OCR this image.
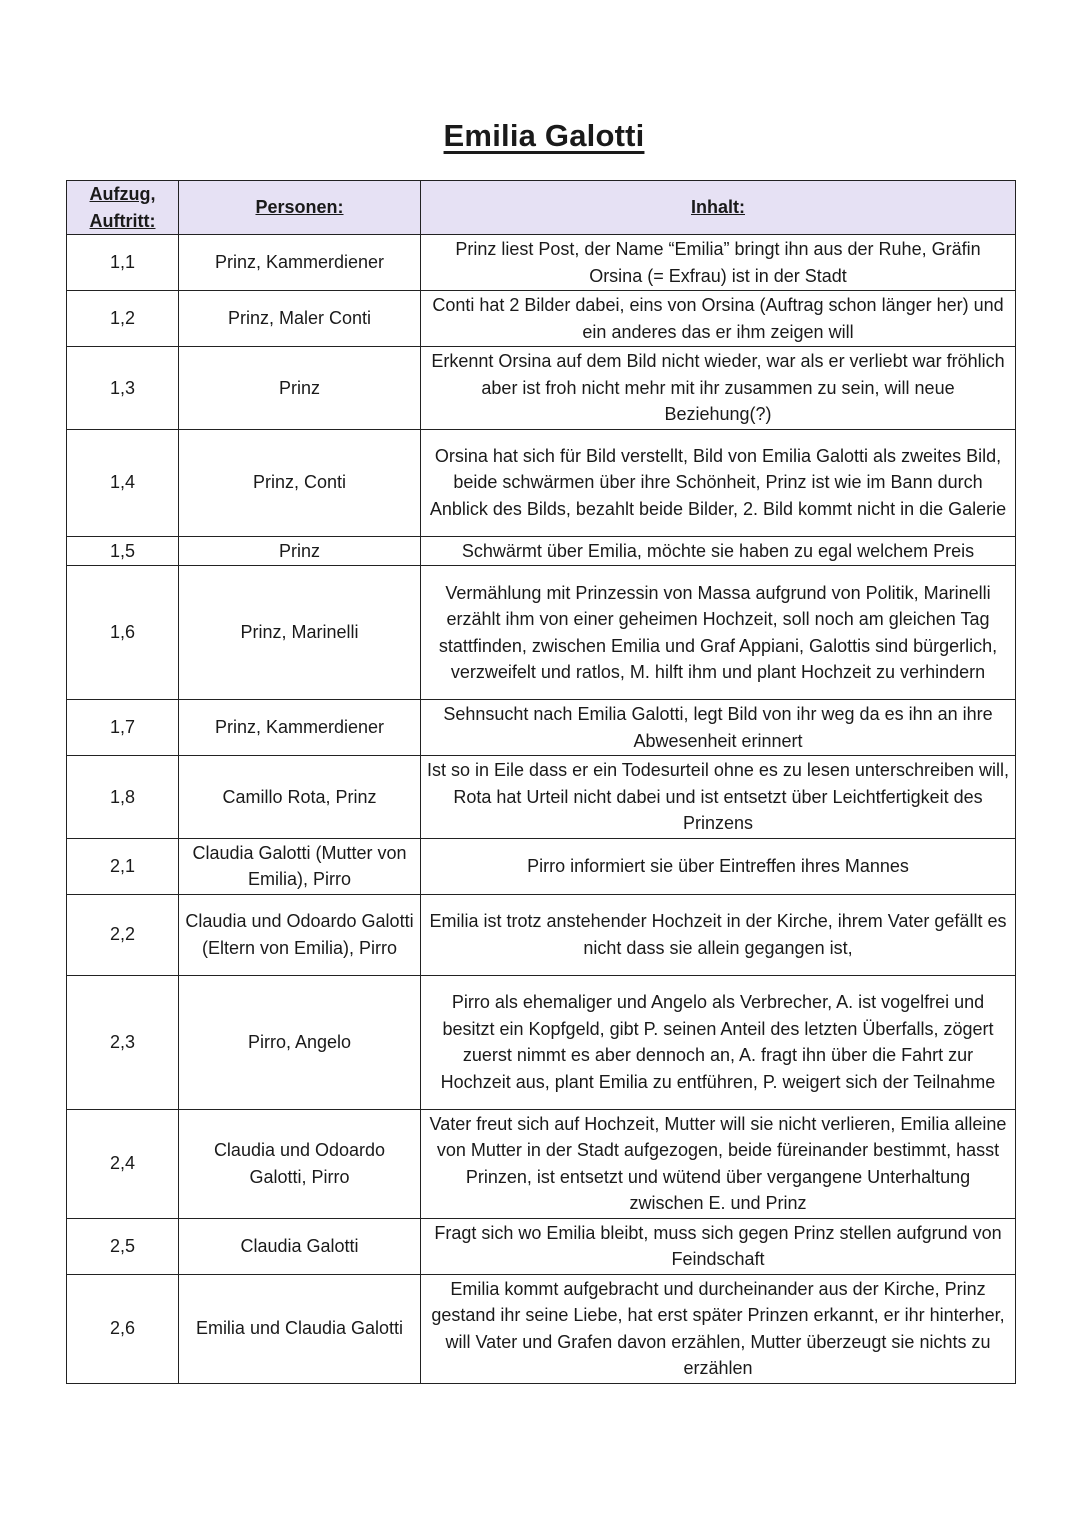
Emilia Galotti
Aufzug, Auftritt:	Personen:	Inhalt:
1,1	Prinz, Kammerdiener	Prinz liest Post, der Name “Emilia” bringt ihn aus der Ruhe, Gräfin Orsina (= Exfrau) ist in der Stadt
1,2	Prinz, Maler Conti	Conti hat 2 Bilder dabei, eins von Orsina (Auftrag schon länger her) und ein anderes das er ihm zeigen will
1,3	Prinz	Erkennt Orsina auf dem Bild nicht wieder, war als er verliebt war fröhlich aber ist froh nicht mehr mit ihr zusammen zu sein, will neue Beziehung(?)
1,4	Prinz, Conti	Orsina hat sich für Bild verstellt, Bild von Emilia Galotti als zweites Bild, beide schwärmen über ihre Schönheit, Prinz ist wie im Bann durch Anblick des Bilds, bezahlt beide Bilder, 2. Bild kommt nicht in die Galerie
1,5	Prinz	Schwärmt über Emilia, möchte sie haben zu egal welchem Preis
1,6	Prinz, Marinelli	Vermählung mit Prinzessin von Massa aufgrund von Politik, Marinelli erzählt ihm von einer geheimen Hochzeit, soll noch am gleichen Tag stattfinden, zwischen Emilia und Graf Appiani, Galottis sind bürgerlich, verzweifelt und ratlos, M. hilft ihm und plant Hochzeit zu verhindern
1,7	Prinz, Kammerdiener	Sehnsucht nach Emilia Galotti, legt Bild von ihr weg da es ihn an ihre Abwesenheit erinnert
1,8	Camillo Rota, Prinz	Ist so in Eile dass er ein Todesurteil ohne es zu lesen unterschreiben will, Rota hat Urteil nicht dabei und ist entsetzt über Leichtfertigkeit des Prinzens
2,1	Claudia Galotti (Mutter von Emilia), Pirro	Pirro informiert sie über Eintreffen ihres Mannes
2,2	Claudia und Odoardo Galotti (Eltern von Emilia), Pirro	Emilia ist trotz anstehender Hochzeit in der Kirche, ihrem Vater gefällt es nicht dass sie allein gegangen ist,
2,3	Pirro, Angelo	Pirro als ehemaliger und Angelo als Verbrecher, A. ist vogelfrei und besitzt ein Kopfgeld, gibt P. seinen Anteil des letzten Überfalls, zögert zuerst nimmt es aber dennoch an, A. fragt ihn über die Fahrt zur Hochzeit aus, plant Emilia zu entführen, P. weigert sich der Teilnahme
2,4	Claudia und Odoardo Galotti, Pirro	Vater freut sich auf Hochzeit, Mutter will sie nicht verlieren, Emilia alleine von Mutter in der Stadt aufgezogen, beide füreinander bestimmt, hasst Prinzen, ist entsetzt und wütend über vergangene Unterhaltung zwischen E. und Prinz
2,5	Claudia Galotti	Fragt sich wo Emilia bleibt, muss sich gegen Prinz stellen aufgrund von Feindschaft
2,6	Emilia und Claudia Galotti	Emilia kommt aufgebracht und durcheinander aus der Kirche, Prinz gestand ihr seine Liebe, hat erst später Prinzen erkannt, er ihr hinterher, will Vater und Grafen davon erzählen, Mutter überzeugt sie nichts zu erzählen
